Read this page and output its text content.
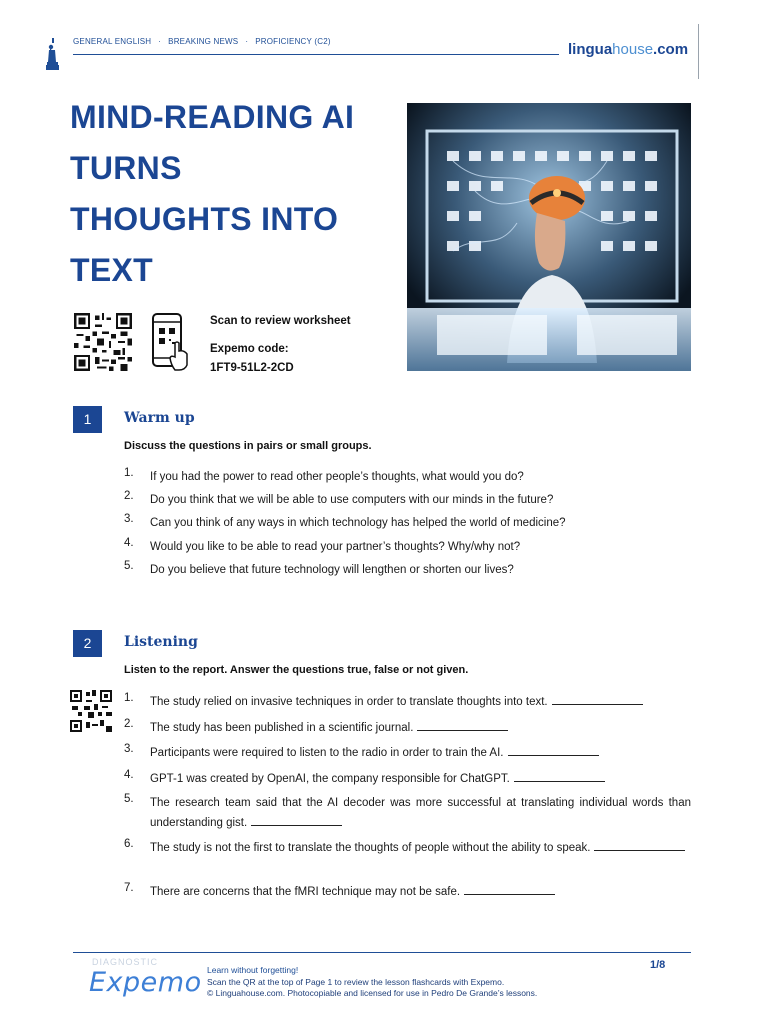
GENERAL ENGLISH · BREAKING NEWS · PROFICIENCY (C2)	linguahouse.com
MIND-READING AI
TURNS
THOUGHTS INTO
TEXT
Scan to review worksheet
Expemo code:
1FT9-51L2-2CD
1	Warm up
Discuss the questions in pairs or small groups.
1.	If you had the power to read other people’s thoughts, what would you do?
2.	Do you think that we will be able to use computers with our minds in the future?
3.	Can you think of any ways in which technology has helped the world of medicine?
4.	Would you like to be able to read your partner’s thoughts? Why/why not?
5.	Do you believe that future technology will lengthen or shorten our lives?
2	Listening
Listen to the report. Answer the questions true, false or not given.
1.	The study relied on invasive techniques in order to translate thoughts into text.
2.	The study has been published in a scientific journal.
3.	Participants were required to listen to the radio in order to train the AI.
4.	GPT-1 was created by OpenAI, the company responsible for ChatGPT.
5.	The research team said that the AI decoder was more successful at translating individual words than understanding gist.
6.	The study is not the first to translate the thoughts of people without the ability to speak.
7.	There are concerns that the fMRI technique may not be safe.
DIAGNOSTIC
Expemo Learn without forgetting!
Scan the QR at the top of Page 1 to review the lesson flashcards with Expemo.
© Linguahouse.com. Photocopiable and licensed for use in Pedro De Grande’s lessons.
1/8
